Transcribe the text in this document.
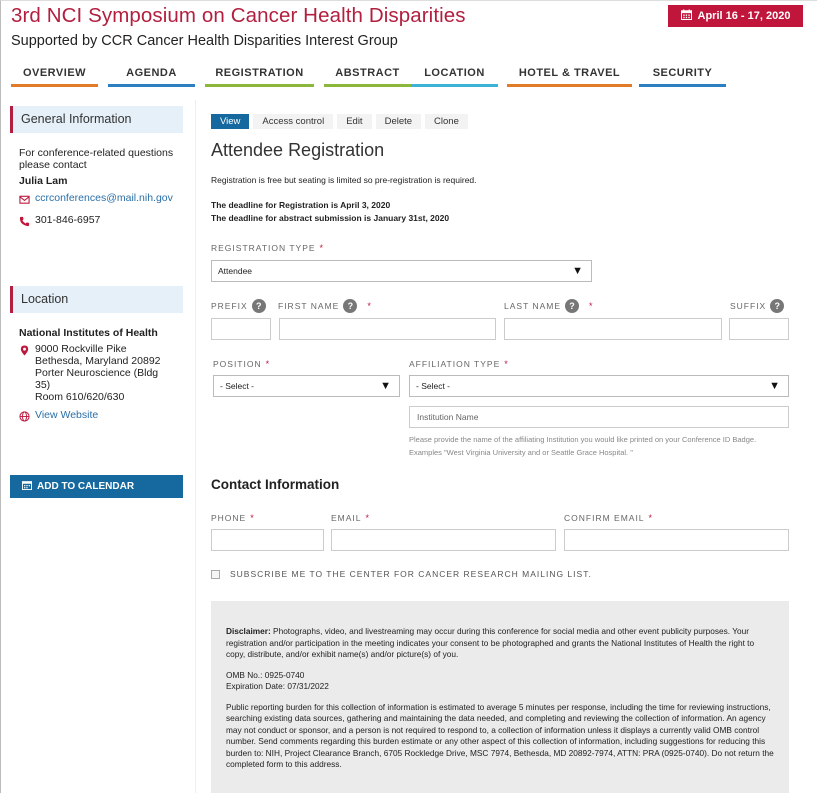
3rd NCI Symposium on Cancer Health Disparities
Supported by CCR Cancer Health Disparities Interest Group
April 16 - 17, 2020
OVERVIEW	AGENDA	REGISTRATION	ABSTRACT	LOCATION	HOTEL & TRAVEL	SECURITY
General Information
For conference-related questions please contact
Julia Lam
ccrconferences@mail.nih.gov
301-846-6957
Location
National Institutes of Health
9000 Rockville Pike
Bethesda, Maryland 20892
Porter Neuroscience (Bldg
35)
Room 610/620/630
View Website
ADD TO CALENDAR
View	Access control	Edit	Delete	Clone
Attendee Registration
Registration is free but seating is limited so pre-registration is required.
The deadline for Registration is April 3, 2020
The deadline for abstract submission is January 31st, 2020
REGISTRATION TYPE *
Attendee	▼
PREFIX ?	FIRST NAME ?	*	LAST NAME ?	*	SUFFIX ?
POSITION *	AFFILIATION TYPE *
- Select -	▼	- Select -	▼
Institution Name
Please provide the name of the affiliating Institution you would like printed on your Conference ID Badge.
Examples "West Virginia University and or Seattle Grace Hospital. "
Contact Information
PHONE *	EMAIL *	CONFIRM EMAIL *
SUBSCRIBE ME TO THE CENTER FOR CANCER RESEARCH MAILING LIST.

Disclaimer: Photographs, video, and livestreaming may occur during this conference for social media and other event publicity purposes. Your registration and/or participation in the meeting indicates your consent to be photographed and grants the National Institutes of Health the right to copy, distribute, and/or exhibit name(s) and/or picture(s) of you.

OMB No.: 0925-0740

Expiration Date: 07/31/2022

Public reporting burden for this collection of information is estimated to average 5 minutes per response, including the time for reviewing instructions, searching existing data sources, gathering and maintaining the data needed, and completing and reviewing the collection of information. An agency may not conduct or sponsor, and a person is not required to respond to, a collection of information unless it displays a currently valid OMB control number. Send comments regarding this burden estimate or any other aspect of this collection of information, including suggestions for reducing this burden to: NIH, Project Clearance Branch, 6705 Rockledge Drive, MSC 7974, Bethesda, MD 20892-7974, ATTN: PRA (0925-0740). Do not return the completed form to this address.
